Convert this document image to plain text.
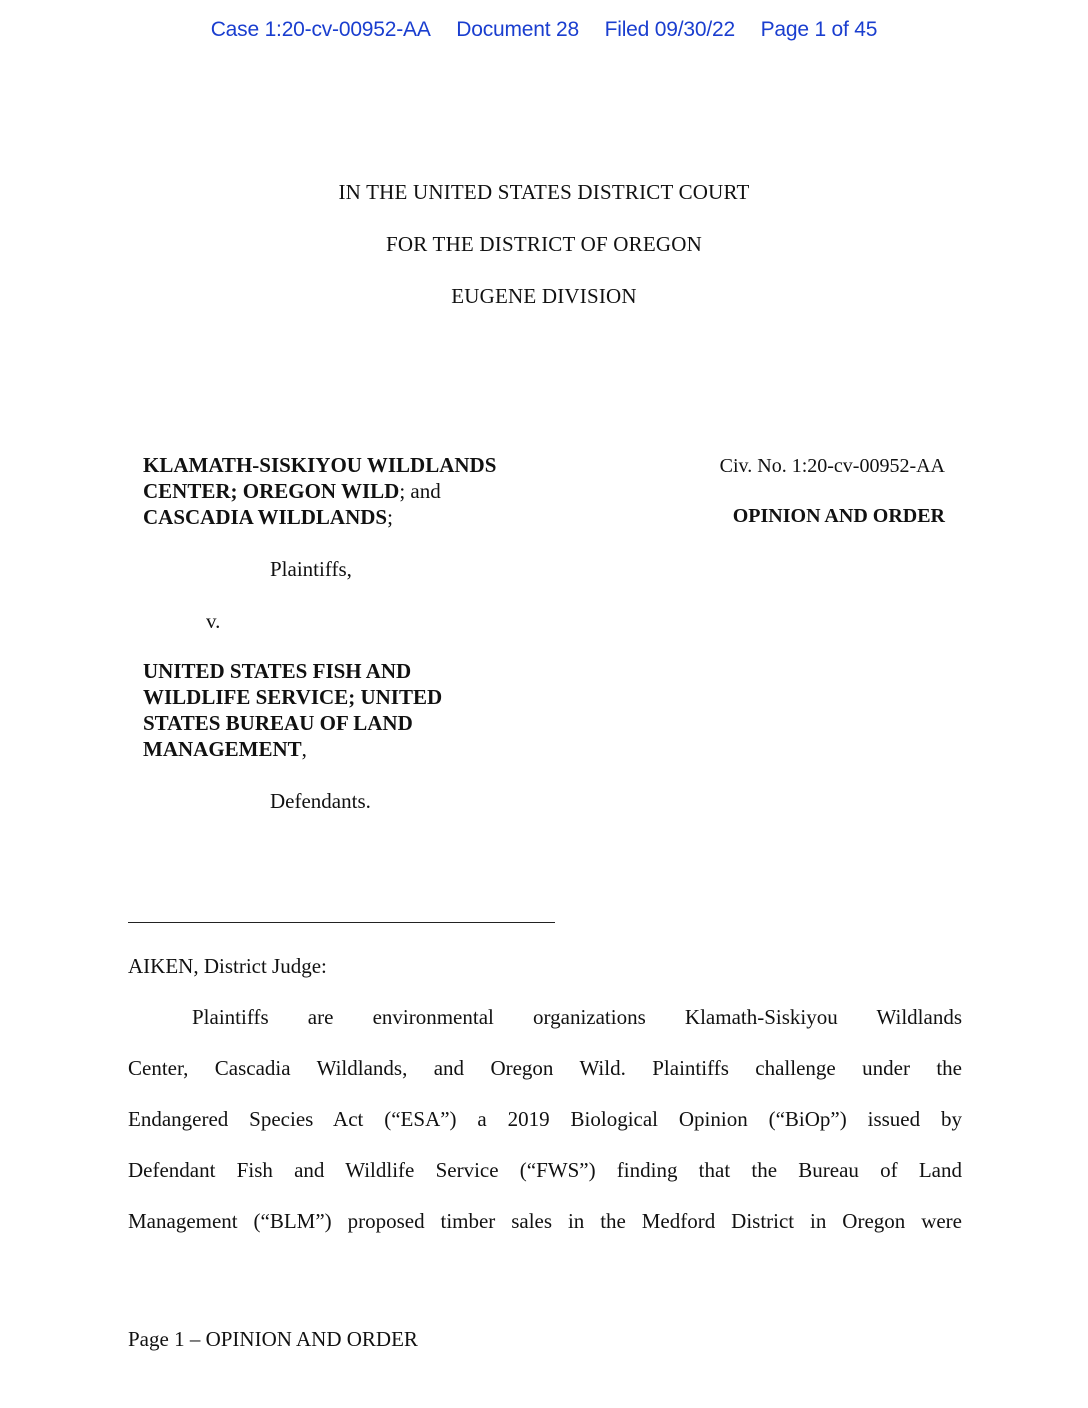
Case 1:20-cv-00952-AA Document 28 Filed 09/30/22 Page 1 of 45
IN THE UNITED STATES DISTRICT COURT
FOR THE DISTRICT OF OREGON
EUGENE DIVISION
KLAMATH-SISKIYOU WILDLANDS
CENTER; OREGON WILD; and
CASCADIA WILDLANDS;
Plaintiffs,
v.
UNITED STATES FISH AND
WILDLIFE SERVICE; UNITED
STATES BUREAU OF LAND
MANAGEMENT,
Defendants.
Civ. No. 1:20-cv-00952-AA
OPINION AND ORDER
AIKEN, District Judge:
Plaintiffs are environmental organizations Klamath-Siskiyou Wildlands
Center, Cascadia Wildlands, and Oregon Wild. Plaintiffs challenge under the
Endangered Species Act (“ESA”) a 2019 Biological Opinion (“BiOp”) issued by
Defendant Fish and Wildlife Service (“FWS”) finding that the Bureau of Land
Management (“BLM”) proposed timber sales in the Medford District in Oregon were
Page 1 – OPINION AND ORDER
